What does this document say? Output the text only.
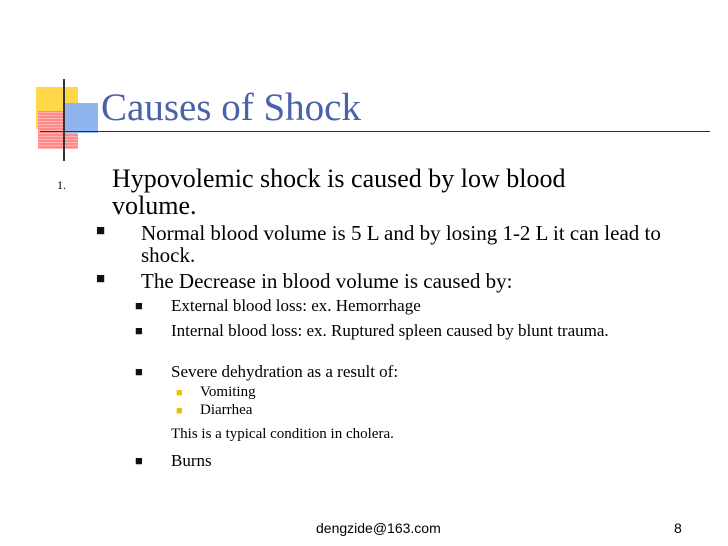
Causes of Shock
1. Hypovolemic shock is caused by low blood volume.

■ Normal blood volume is 5 L and by losing 1-2 L it can lead to shock.

■ The Decrease in blood volume is caused by:

■ External blood loss: ex. Hemorrhage

■ Internal blood loss: ex. Ruptured spleen caused by blunt trauma.

■ Severe dehydration as a result of:

■ Vomiting

■ Diarrhea

This is a typical condition in cholera.

■ Burns

dengzide@163.com	8
